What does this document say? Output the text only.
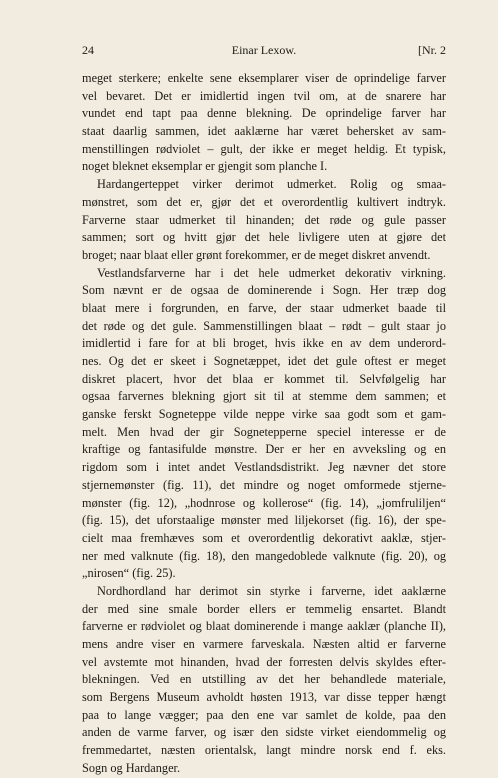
24	Einar Lexow.	[Nr. 2
meget sterkere; enkelte sene eksemplarer viser de oprindelige farver
vel bevaret. Det er imidlertid ingen tvil om, at de snarere har
vundet end tapt paa denne blekning. De oprindelige farver har
staat daarlig sammen, idet aaklærne har været behersket av sam-
menstillingen rødviolet – gult, der ikke er meget heldig. Et typisk,
noget bleknet eksemplar er gjengit som planche I.
Hardangerteppet virker derimot udmerket. Rolig og smaa-
mønstret, som det er, gjør det et overordentlig kultivert indtryk.
Farverne staar udmerket til hinanden; det røde og gule passer
sammen; sort og hvitt gjør det hele livligere uten at gjøre det
broget; naar blaat eller grønt forekommer, er de meget diskret anvendt.
Vestlandsfarverne har i det hele udmerket dekorativ virkning.
Som nævnt er de ogsaa de dominerende i Sogn. Her træр dog
blaat mere i forgrunden, en farve, der staar udmerket baade til
det røde og det gule. Sammenstillingen blaat – rødt – gult staar jo
imidlertid i fare for at bli broget, hvis ikke en av dem underord-
nes. Og det er skeet i Sognetæppet, idet det gule oftest er meget
diskret placert, hvor det blaa er kommet til. Selvfølgelig har
ogsaa farvernes blekning gjort sit til at stemme dem sammen; et
ganske ferskt Sogneteppe vilde neppe virke saa godt som et gam-
melt. Men hvad der gir Sognetepperne speciel interesse er de
kraftige og fantasifulde mønstre. Der er her en avveksling og en
rigdom som i intet andet Vestlandsdistrikt. Jeg nævner det store
stjernemønster (fig. 11), det mindre og noget omformede stjerne-
mønster (fig. 12), „hodnrose og kollerose“ (fig. 14), „jomfruliljen“
(fig. 15), det uforstaalige mønster med liljekorset (fig. 16), der spe-
cielt maa fremhæves som et overordentlig dekorativt aaklæ, stjer-
ner med valknute (fig. 18), den mangedoblede valknute (fig. 20), og
„nirosen“ (fig. 25).
Nordhordland har derimot sin styrke i farverne, idet aaklærne
der med sine smale border ellers er temmelig ensartet. Blandt
farverne er rødviolet og blaat dominerende i mange aaklær (planche II),
mens andre viser en varmere farveskala. Næsten altid er farverne
vel avstemte mot hinanden, hvad der forresten delvis skyldes efter-
blekningen. Ved en utstilling av det her behandlede materiale,
som Bergens Museum avholdt høsten 1913, var disse tepper hængt
paa to lange vægger; paa den ene var samlet de kolde, paa den
anden de varme farver, og især den sidste virket eiendommelig og
fremmedartet, næsten orientalsk, langt mindre norsk end f. eks.
Sogn og Hardanger.
